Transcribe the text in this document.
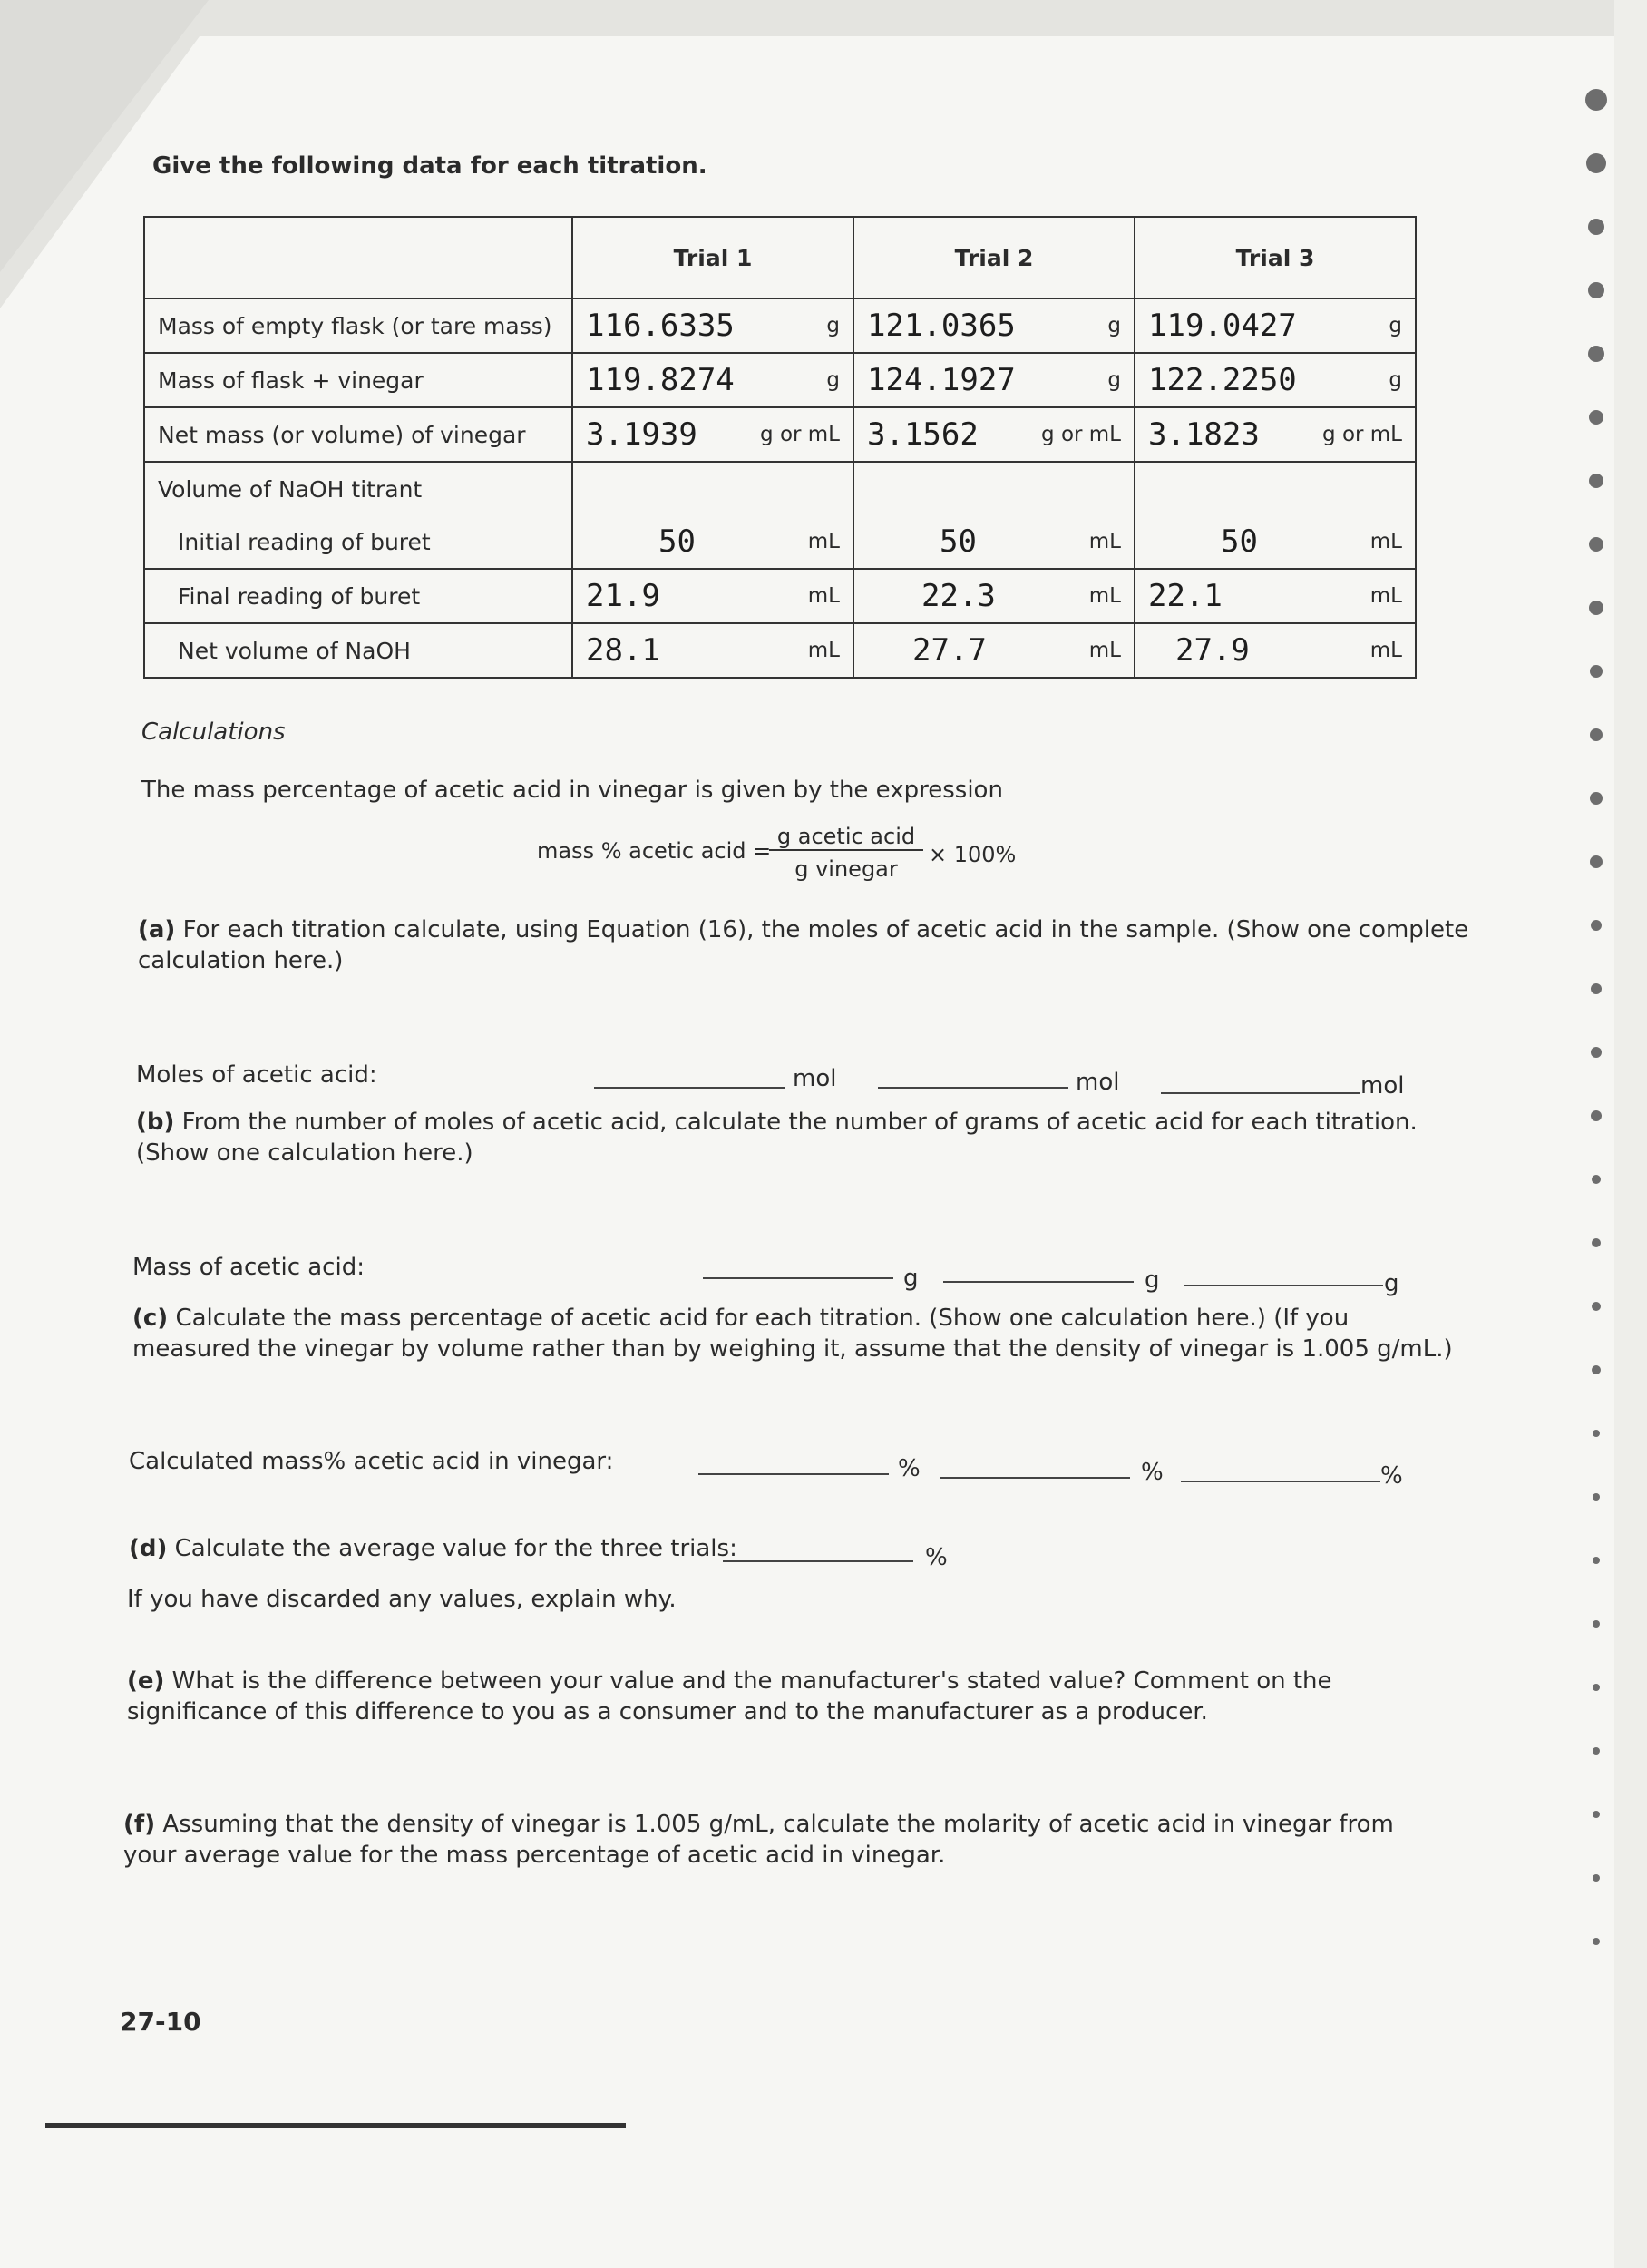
Give the following data for each titration.
	Trial 1	Trial 2	Trial 3
Mass of empty flask (or tare mass)	116.6335 g	121.0365 g	119.0427 g

Mass of flask + vinegar	119.8274 g	124.1927 g	122.2250 g

Net mass (or volume) of vinegar	3.1939 g or mL	3.1562 g or mL	3.1823 g or mL

Volume of NaOH titrant			
Initial reading of buret	50 mL	50 mL	50 mL

Final reading of buret	21.9 mL	22.3 mL	22.1 mL

Net volume of NaOH	28.1 mL	27.7 mL	27.9 mL
Calculations
The mass percentage of acetic acid in vinegar is given by the expression
mass % acetic acid =
g acetic acid
g vinegar
× 100%
(a) For each titration calculate, using Equation (16), the moles of acetic acid in the sample. (Show one complete
calculation here.)
Moles of acetic acid:	mol	mol	mol
(b) From the number of moles of acetic acid, calculate the number of grams of acetic acid for each titration.
(Show one calculation here.)
Mass of acetic acid:	g	g	g
(c) Calculate the mass percentage of acetic acid for each titration. (Show one calculation here.) (If you
measured the vinegar by volume rather than by weighing it, assume that the density of vinegar is 1.005 g/mL.)
Calculated mass% acetic acid in vinegar:	%	%	%
(d) Calculate the average value for the three trials:	%
If you have discarded any values, explain why.
(e) What is the difference between your value and the manufacturer's stated value? Comment on the
significance of this difference to you as a consumer and to the manufacturer as a producer.
(f) Assuming that the density of vinegar is 1.005 g/mL, calculate the molarity of acetic acid in vinegar from
your average value for the mass percentage of acetic acid in vinegar.
27-10
